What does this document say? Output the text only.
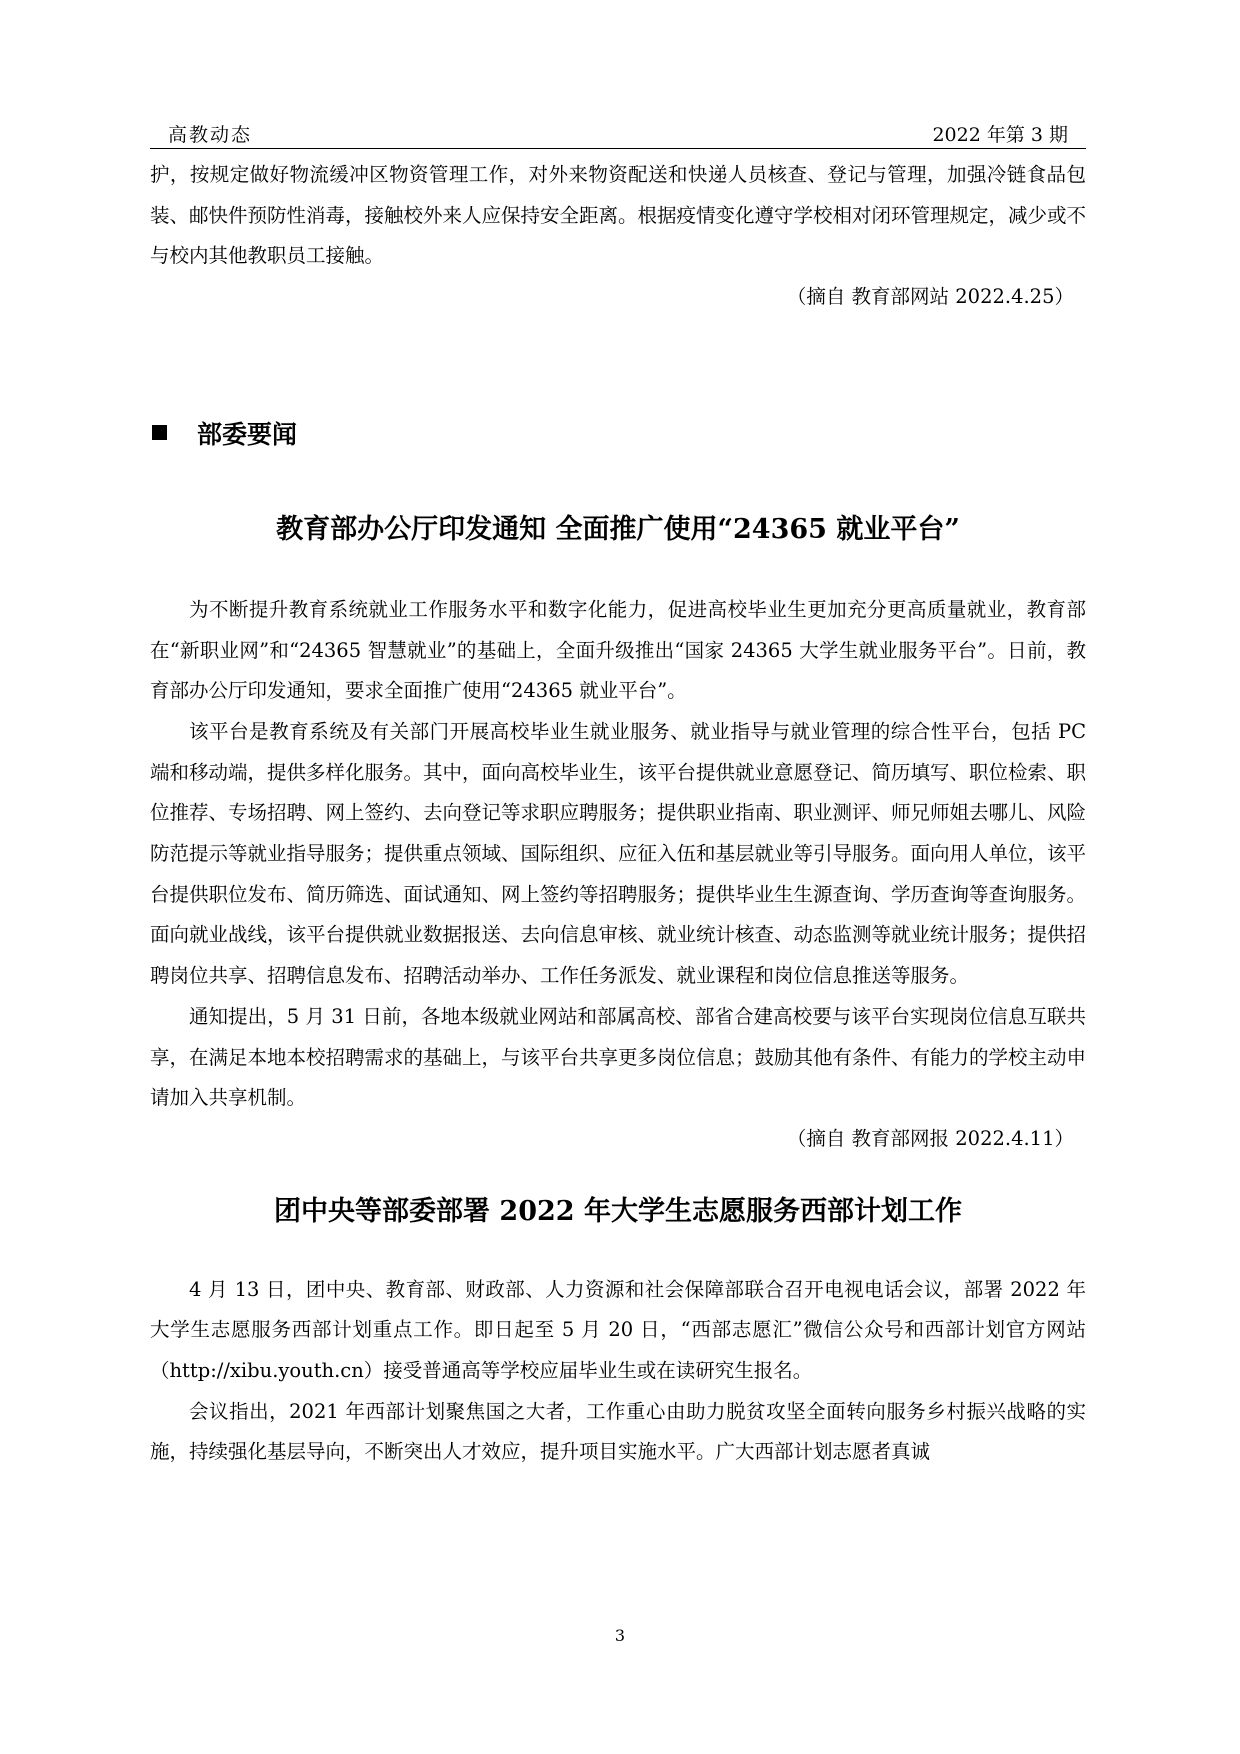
高教动态	2022 年第 3 期

护，按规定做好物流缓冲区物资管理工作，对外来物资配送和快递人员核查、登记与管理，加强冷链食品包装、邮快件预防性消毒，接触校外来人应保持安全距离。根据疫情变化遵守学校相对闭环管理规定，减少或不与校内其他教职员工接触。

（摘自 教育部网站 2022.4.25）

部委要闻
教育部办公厅印发通知 全面推广使用“24365 就业平台”

为不断提升教育系统就业工作服务水平和数字化能力，促进高校毕业生更加充分更高质量就业，教育部在“新职业网”和“24365 智慧就业”的基础上，全面升级推出“国家 24365 大学生就业服务平台”。日前，教育部办公厅印发通知，要求全面推广使用“24365 就业平台”。

该平台是教育系统及有关部门开展高校毕业生就业服务、就业指导与就业管理的综合性平台，包括 PC 端和移动端，提供多样化服务。其中，面向高校毕业生，该平台提供就业意愿登记、简历填写、职位检索、职位推荐、专场招聘、网上签约、去向登记等求职应聘服务；提供职业指南、职业测评、师兄师姐去哪儿、风险防范提示等就业指导服务；提供重点领域、国际组织、应征入伍和基层就业等引导服务。面向用人单位，该平台提供职位发布、简历筛选、面试通知、网上签约等招聘服务；提供毕业生生源查询、学历查询等查询服务。面向就业战线，该平台提供就业数据报送、去向信息审核、就业统计核查、动态监测等就业统计服务；提供招聘岗位共享、招聘信息发布、招聘活动举办、工作任务派发、就业课程和岗位信息推送等服务。

通知提出，5 月 31 日前，各地本级就业网站和部属高校、部省合建高校要与该平台实现岗位信息互联共享，在满足本地本校招聘需求的基础上，与该平台共享更多岗位信息；鼓励其他有条件、有能力的学校主动申请加入共享机制。

（摘自 教育部网报 2022.4.11）

团中央等部委部署 2022 年大学生志愿服务西部计划工作

4 月 13 日，团中央、教育部、财政部、人力资源和社会保障部联合召开电视电话会议，部署 2022 年大学生志愿服务西部计划重点工作。即日起至 5 月 20 日，“西部志愿汇”微信公众号和西部计划官方网站（http://xibu.youth.cn）接受普通高等学校应届毕业生或在读研究生报名。

会议指出，2021 年西部计划聚焦国之大者，工作重心由助力脱贫攻坚全面转向服务乡村振兴战略的实施，持续强化基层导向，不断突出人才效应，提升项目实施水平。广大西部计划志愿者真诚

3
